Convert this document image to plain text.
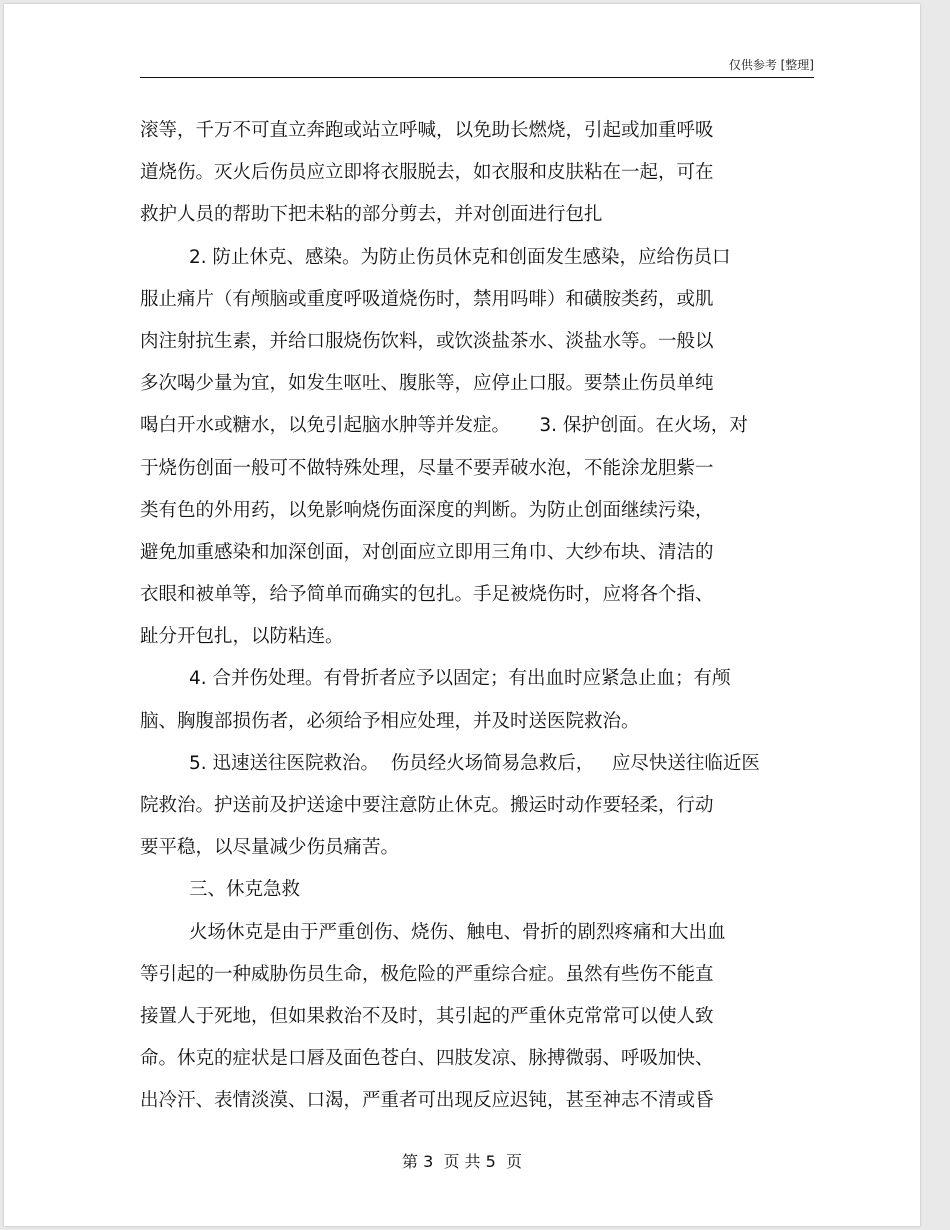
仅供参考 [整理]
滚等，千万不可直立奔跑或站立呼喊，以免助长燃烧，引起或加重呼吸
道烧伤。灭火后伤员应立即将衣服脱去，如衣服和皮肤粘在一起，可在
救护人员的帮助下把未粘的部分剪去，并对创面进行包扎
2. 防止休克、感染。为防止伤员休克和创面发生感染，应给伤员口
服止痛片（有颅脑或重度呼吸道烧伤时，禁用吗啡）和磺胺类药，或肌
肉注射抗生素，并给口服烧伤饮料，或饮淡盐茶水、淡盐水等。一般以
多次喝少量为宜，如发生呕吐、腹胀等，应停止口服。要禁止伤员单纯
喝白开水或糖水，以免引起脑水肿等并发症。     3. 保护创面。在火场，对
于烧伤创面一般可不做特殊处理，尽量不要弄破水泡，不能涂龙胆紫一
类有色的外用药，以免影响烧伤面深度的判断。为防止创面继续污染，
避免加重感染和加深创面，对创面应立即用三角巾、大纱布块、清洁的
衣眼和被单等，给予简单而确实的包扎。手足被烧伤时，应将各个指、
趾分开包扎，以防粘连。
4. 合并伤处理。有骨折者应予以固定；有出血时应紧急止血；有颅
脑、胸腹部损伤者，必须给予相应处理，并及时送医院救治。
5. 迅速送往医院救治。  伤员经火场简易急救后，   应尽快送往临近医
院救治。护送前及护送途中要注意防止休克。搬运时动作要轻柔，行动
要平稳，以尽量减少伤员痛苦。
三、休克急救
火场休克是由于严重创伤、烧伤、触电、骨折的剧烈疼痛和大出血
等引起的一种威胁伤员生命，极危险的严重综合症。虽然有些伤不能直
接置人于死地，但如果救治不及时，其引起的严重休克常常可以使人致
命。休克的症状是口唇及面色苍白、四肢发凉、脉搏微弱、呼吸加快、
出冷汗、表情淡漠、口渴，严重者可出现反应迟钝，甚至神志不清或昏
第 3  页 共 5  页
